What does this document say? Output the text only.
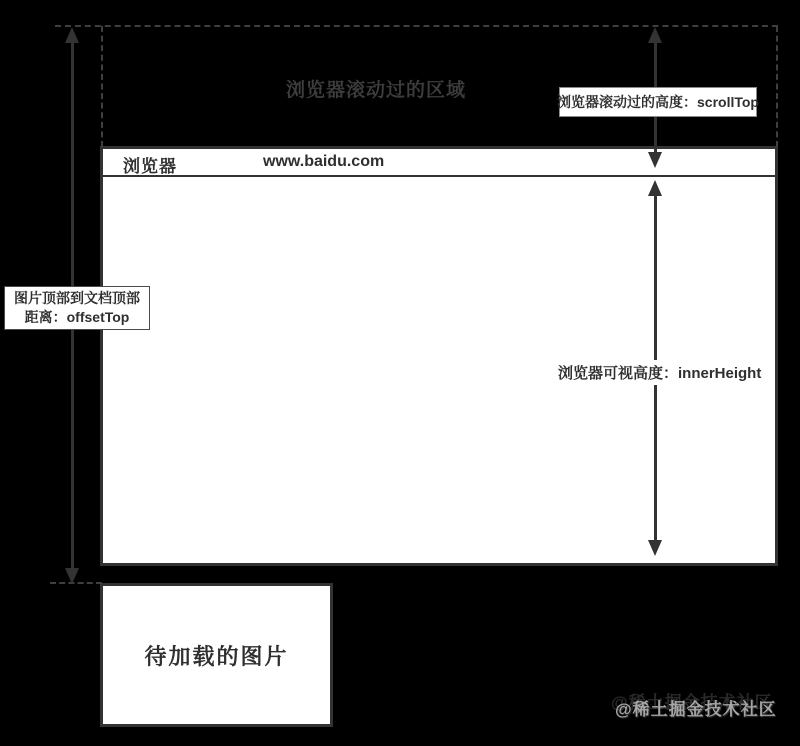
浏览器滚动过的区域
浏览器	www.baidu.com
浏览器滚动过的高度：scrollTop
浏览器可视高度：innerHeight
图片顶部到文档顶部
距离：offsetTop
待加载的图片
@稀土掘金技术社区
